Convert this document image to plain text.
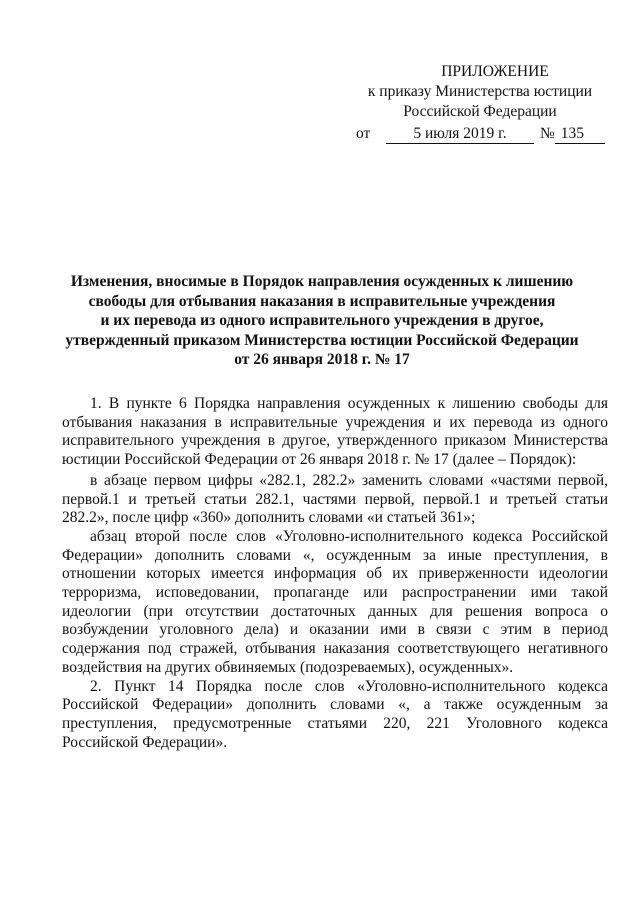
ПРИЛОЖЕНИЕ
к приказу Министерства юстиции
Российской Федерации
от	5 июля 2019 г.	№ 135
Изменения, вносимые в Порядок направления осужденных к лишению
свободы для отбывания наказания в исправительные учреждения
и их перевода из одного исправительного учреждения в другое,
утвержденный приказом Министерства юстиции Российской Федерации
от 26 января 2018 г. № 17

1. В пункте 6 Порядка направления осужденных к лишению свободы для отбывания наказания в исправительные учреждения и их перевода из одного исправительного учреждения в другое, утвержденного приказом Министерства юстиции Российской Федерации от 26 января 2018 г. № 17 (далее – Порядок):

в абзаце первом цифры «282.1, 282.2» заменить словами «частями первой, первой.1 и третьей статьи 282.1, частями первой, первой.1 и третьей статьи 282.2», после цифр «360» дополнить словами «и статьей 361»;

абзац второй после слов «Уголовно-исполнительного кодекса Российской Федерации» дополнить словами «, осужденным за иные преступления, в отношении которых имеется информация об их приверженности идеологии терроризма, исповедовании, пропаганде или распространении ими такой идеологии (при отсутствии достаточных данных для решения вопроса о возбуждении уголовного дела) и оказании ими в связи с этим в период содержания под стражей, отбывания наказания соответствующего негативного воздействия на других обвиняемых (подозреваемых), осужденных».

2. Пункт 14 Порядка после слов «Уголовно-исполнительного кодекса Российской Федерации» дополнить словами «, а также осужденным за преступления, предусмотренные статьями 220, 221 Уголовного кодекса Российской Федерации».
